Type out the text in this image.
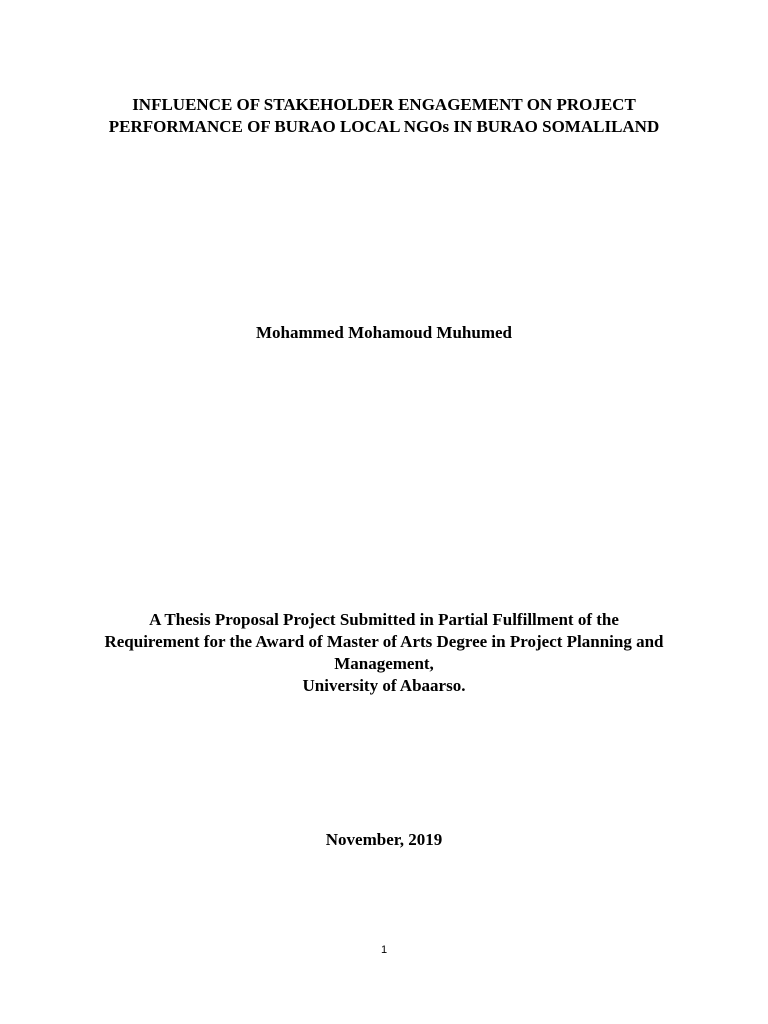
INFLUENCE OF STAKEHOLDER ENGAGEMENT ON PROJECT
PERFORMANCE OF BURAO LOCAL NGOs IN BURAO SOMALILAND
Mohammed Mohamoud Muhumed
A Thesis Proposal Project Submitted in Partial Fulfillment of the
Requirement for the Award of Master of Arts Degree in Project Planning and
Management,
University of Abaarso.
November, 2019
1
